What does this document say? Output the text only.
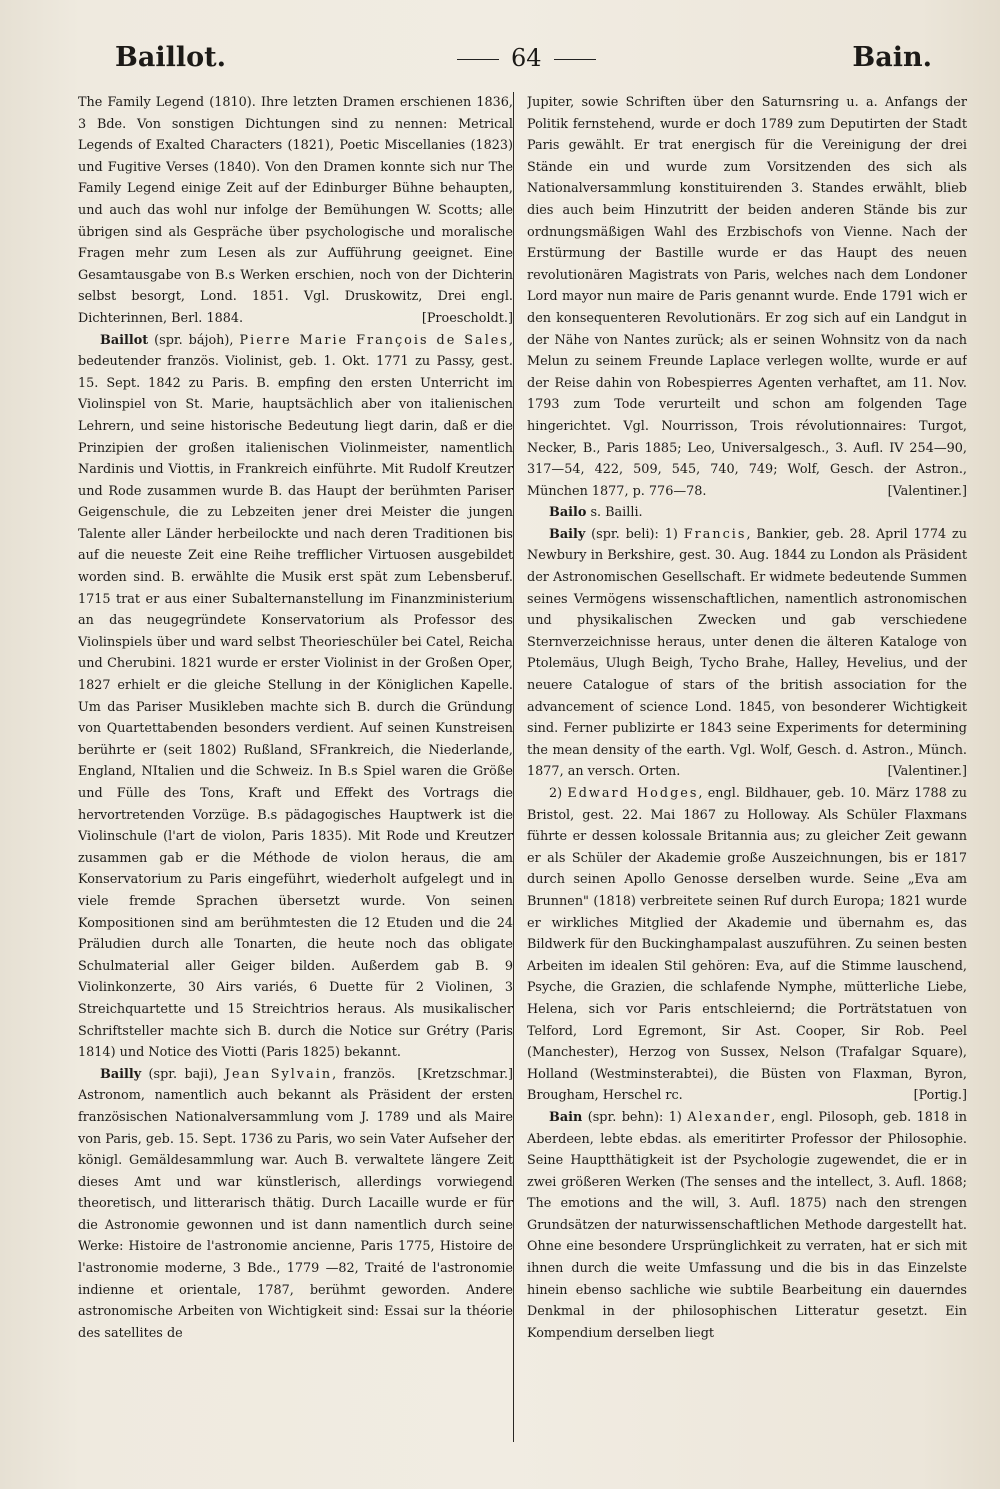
Baillot.	64	Bain.

The Family Legend (1810). Ihre letzten Dramen erschienen 1836, 3 Bde. Von sonstigen Dichtungen sind zu nennen: Metrical Legends of Exalted Characters (1821), Poetic Miscellanies (1823) und Fugitive Verses (1840). Von den Dramen konnte sich nur The Family Legend einige Zeit auf der Edinburger Bühne behaupten, und auch das wohl nur infolge der Bemühungen W. Scotts; alle übrigen sind als Gespräche über psychologische und moralische Fragen mehr zum Lesen als zur Aufführung geeignet. Eine Gesamtausgabe von B.s Werken erschien, noch von der Dichterin selbst besorgt, Lond. 1851. Vgl. Druskowitz, Drei engl. Dichterinnen, Berl. 1884.	[Proescholdt.]

Baillot (spr. bájoh), Pierre Marie François de Sales, bedeutender französ. Violinist, geb. 1. Okt. 1771 zu Passy, gest. 15. Sept. 1842 zu Paris. B. empfing den ersten Unterricht im Violinspiel von St. Marie, hauptsächlich aber von italienischen Lehrern, und seine historische Bedeutung liegt darin, daß er die Prinzipien der großen italienischen Violinmeister, namentlich Nardinis und Viottis, in Frankreich einführte. Mit Rudolf Kreutzer und Rode zusammen wurde B. das Haupt der berühmten Pariser Geigenschule, die zu Lebzeiten jener drei Meister die jungen Talente aller Länder herbeilockte und nach deren Traditionen bis auf die neueste Zeit eine Reihe trefflicher Virtuosen ausgebildet worden sind. B. erwählte die Musik erst spät zum Lebensberuf. 1715 trat er aus einer Subalternanstellung im Finanzministerium an das neugegründete Konservatorium als Professor des Violinspiels über und ward selbst Theorieschüler bei Catel, Reicha und Cherubini. 1821 wurde er erster Violinist in der Großen Oper, 1827 erhielt er die gleiche Stellung in der Königlichen Kapelle. Um das Pariser Musikleben machte sich B. durch die Gründung von Quartettabenden besonders verdient. Auf seinen Kunstreisen berührte er (seit 1802) Rußland, SFrankreich, die Niederlande, England, NItalien und die Schweiz. In B.s Spiel waren die Größe und Fülle des Tons, Kraft und Effekt des Vortrags die hervortretenden Vorzüge. B.s pädagogisches Hauptwerk ist die Violinschule (l'art de violon, Paris 1835). Mit Rode und Kreutzer zusammen gab er die Méthode de violon heraus, die am Konservatorium zu Paris eingeführt, wiederholt aufgelegt und in viele fremde Sprachen übersetzt wurde. Von seinen Kompositionen sind am berühmtesten die 12 Etuden und die 24 Präludien durch alle Tonarten, die heute noch das obligate Schulmaterial aller Geiger bilden. Außerdem gab B. 9 Violinkonzerte, 30 Airs variés, 6 Duette für 2 Violinen, 3 Streichquartette und 15 Streichtrios heraus. Als musikalischer Schriftsteller machte sich B. durch die Notice sur Grétry (Paris 1814) und Notice des Viotti (Paris 1825) bekannt.
[Kretzschmar.]

Bailly (spr. baji), Jean Sylvain, französ. Astronom, namentlich auch bekannt als Präsident der ersten französischen Nationalversammlung vom J. 1789 und als Maire von Paris, geb. 15. Sept. 1736 zu Paris, wo sein Vater Aufseher der königl. Gemäldesammlung war. Auch B. verwaltete längere Zeit dieses Amt und war künstlerisch, allerdings vorwiegend theoretisch, und litterarisch thätig. Durch Lacaille wurde er für die Astronomie gewonnen und ist dann namentlich durch seine Werke: Histoire de l'astronomie ancienne, Paris 1775, Histoire de l'astronomie moderne, 3 Bde., 1779 —82, Traité de l'astronomie indienne et orientale, 1787, berühmt geworden. Andere astronomische Arbeiten von Wichtigkeit sind: Essai sur la théorie des satellites de

Jupiter, sowie Schriften über den Saturnsring u. a. Anfangs der Politik fernstehend, wurde er doch 1789 zum Deputirten der Stadt Paris gewählt. Er trat energisch für die Vereinigung der drei Stände ein und wurde zum Vorsitzenden des sich als Nationalversammlung konstituirenden 3. Standes erwählt, blieb dies auch beim Hinzutritt der beiden anderen Stände bis zur ordnungsmäßigen Wahl des Erzbischofs von Vienne. Nach der Erstürmung der Bastille wurde er das Haupt des neuen revolutionären Magistrats von Paris, welches nach dem Londoner Lord mayor nun maire de Paris genannt wurde. Ende 1791 wich er den konsequenteren Revolutionärs. Er zog sich auf ein Landgut in der Nähe von Nantes zurück; als er seinen Wohnsitz von da nach Melun zu seinem Freunde Laplace verlegen wollte, wurde er auf der Reise dahin von Robespierres Agenten verhaftet, am 11. Nov. 1793 zum Tode verurteilt und schon am folgenden Tage hingerichtet. Vgl. Nourrisson, Trois révolutionnaires: Turgot, Necker, B., Paris 1885; Leo, Universalgesch., 3. Aufl. IV 254—90, 317—54, 422, 509, 545, 740, 749; Wolf, Gesch. der Astron., München 1877, p. 776—78.	[Valentiner.]

Bailo s. Bailli.

Baily (spr. beli): 1) Francis, Bankier, geb. 28. April 1774 zu Newbury in Berkshire, gest. 30. Aug. 1844 zu London als Präsident der Astronomischen Gesellschaft. Er widmete bedeutende Summen seines Vermögens wissenschaftlichen, namentlich astronomischen und physikalischen Zwecken und gab verschiedene Sternverzeichnisse heraus, unter denen die älteren Kataloge von Ptolemäus, Ulugh Beigh, Tycho Brahe, Halley, Hevelius, und der neuere Catalogue of stars of the british association for the advancement of science Lond. 1845, von besonderer Wichtigkeit sind. Ferner publizirte er 1843 seine Experiments for determining the mean density of the earth. Vgl. Wolf, Gesch. d. Astron., Münch. 1877, an versch. Orten.	[Valentiner.]

2) Edward Hodges, engl. Bildhauer, geb. 10. März 1788 zu Bristol, gest. 22. Mai 1867 zu Holloway. Als Schüler Flaxmans führte er dessen kolossale Britannia aus; zu gleicher Zeit gewann er als Schüler der Akademie große Auszeichnungen, bis er 1817 durch seinen Apollo Genosse derselben wurde. Seine „Eva am Brunnen" (1818) verbreitete seinen Ruf durch Europa; 1821 wurde er wirkliches Mitglied der Akademie und übernahm es, das Bildwerk für den Buckinghampalast auszuführen. Zu seinen besten Arbeiten im idealen Stil gehören: Eva, auf die Stimme lauschend, Psyche, die Grazien, die schlafende Nymphe, mütterliche Liebe, Helena, sich vor Paris entschleiernd; die Porträtstatuen von Telford, Lord Egremont, Sir Ast. Cooper, Sir Rob. Peel (Manchester), Herzog von Sussex, Nelson (Trafalgar Square), Holland (Westminsterabtei), die Büsten von Flaxman, Byron, Brougham, Herschel rc.	[Portig.]

Bain (spr. behn): 1) Alexander, engl. Pilosoph, geb. 1818 in Aberdeen, lebte ebdas. als emeritirter Professor der Philosophie. Seine Hauptthätigkeit ist der Psychologie zugewendet, die er in zwei größeren Werken (The senses and the intellect, 3. Aufl. 1868; The emotions and the will, 3. Aufl. 1875) nach den strengen Grundsätzen der naturwissenschaftlichen Methode dargestellt hat. Ohne eine besondere Ursprünglichkeit zu verraten, hat er sich mit ihnen durch die weite Umfassung und die bis in das Einzelste hinein ebenso sachliche wie subtile Bearbeitung ein dauerndes Denkmal in der philosophischen Litteratur gesetzt. Ein Kompendium derselben liegt
